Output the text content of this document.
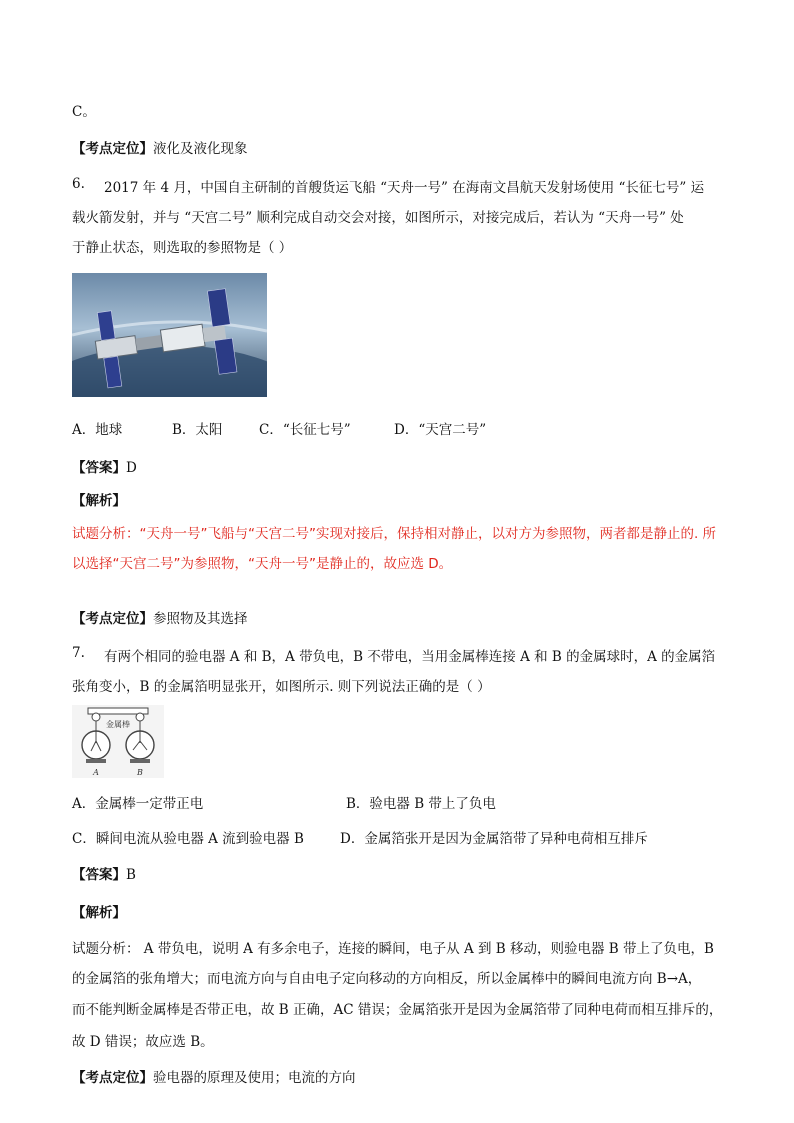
C。
【考点定位】液化及液化现象
6. 2017 年 4 月，中国自主研制的首艘货运飞船 “天舟一号” 在海南文昌航天发射场使用 “长征七号” 运
载火箭发射，并与 “天宫二号” 顺利完成自动交会对接，如图所示，对接完成后，若认为 “天舟一号” 处
于静止状态，则选取的参照物是（ ）
A．地球	B．太阳	C．“长征七号”	D．“天宫二号”
【答案】D
【解析】
试题分析：“天舟一号”飞船与“天宫二号”实现对接后，保持相对静止，以对方为参照物，两者都是静止的. 所
以选择“天宫二号”为参照物，“天舟一号”是静止的，故应选 D。
【考点定位】参照物及其选择
7. 有两个相同的验电器 A 和 B，A 带负电，B 不带电，当用金属棒连接 A 和 B 的金属球时，A 的金属箔
张角变小，B 的金属箔明显张开，如图所示. 则下列说法正确的是（ ）
金属棒
A	B
A．金属棒一定带正电	B．验电器 B 带上了负电
C．瞬间电流从验电器 A 流到验电器 B	D．金属箔张开是因为金属箔带了异种电荷相互排斥
【答案】B
【解析】
试题分析： A 带负电，说明 A 有多余电子，连接的瞬间，电子从 A 到 B 移动，则验电器 B 带上了负电，B
的金属箔的张角增大；而电流方向与自由电子定向移动的方向相反，所以金属棒中的瞬间电流方向 B→A，
而不能判断金属棒是否带正电，故 B 正确，AC 错误；金属箔张开是因为金属箔带了同种电荷而相互排斥的，
故 D 错误；故应选 B。
【考点定位】验电器的原理及使用；电流的方向
